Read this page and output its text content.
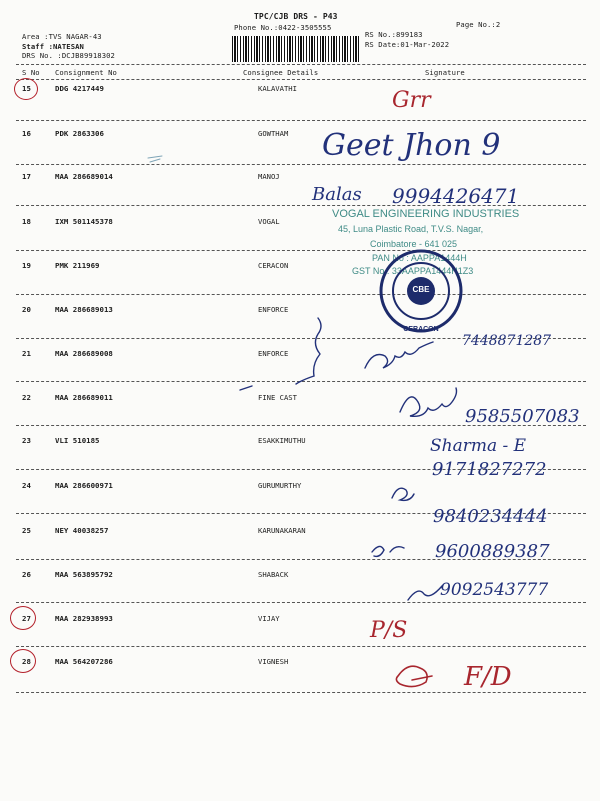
TPC/CJB DRS - P43
Phone No.:0422-3505555	Page No.:2
Area :TVS NAGAR-43
Staff :NATESAN
DRS No. :DCJB89918302
RS No.:899183
RS Date:01-Mar-2022
S No Consignment No	Consignee Details	Signature
15	DDG 4217449	KALAVATHI
16	PDK 2863306	GOWTHAM
17	MAA 286689014	MANOJ
18	IXM 501145378	VOGAL
19	PMK 211969	CERACON
20	MAA 286689013	ENFORCE
21	MAA 286689008	ENFORCE
22	MAA 286689011	FINE CAST
23	VLI 510185	ESAKKIMUTHU
24	MAA 286600971	GURUMURTHY
25	NEY 40038257	KARUNAKARAN
26	MAA 563895792	SHABACK
27	MAA 282938993	VIJAY
28	MAA 564207286	VIGNESH
VOGAL ENGINEERING INDUSTRIES
45, Luna Plastic Road, T.V.S. Nagar,
Coimbatore - 641 025
PAN No : AAPPA1444H
GST No : 33AAPPA1444H1Z3
CBE
CERACON
Grr
Geet Jhon 9
Balas 9994426471
7448871287
9585507083
Sharma - E
9171827272
9840234444
9600889387
9092543777
P/S
F/D
